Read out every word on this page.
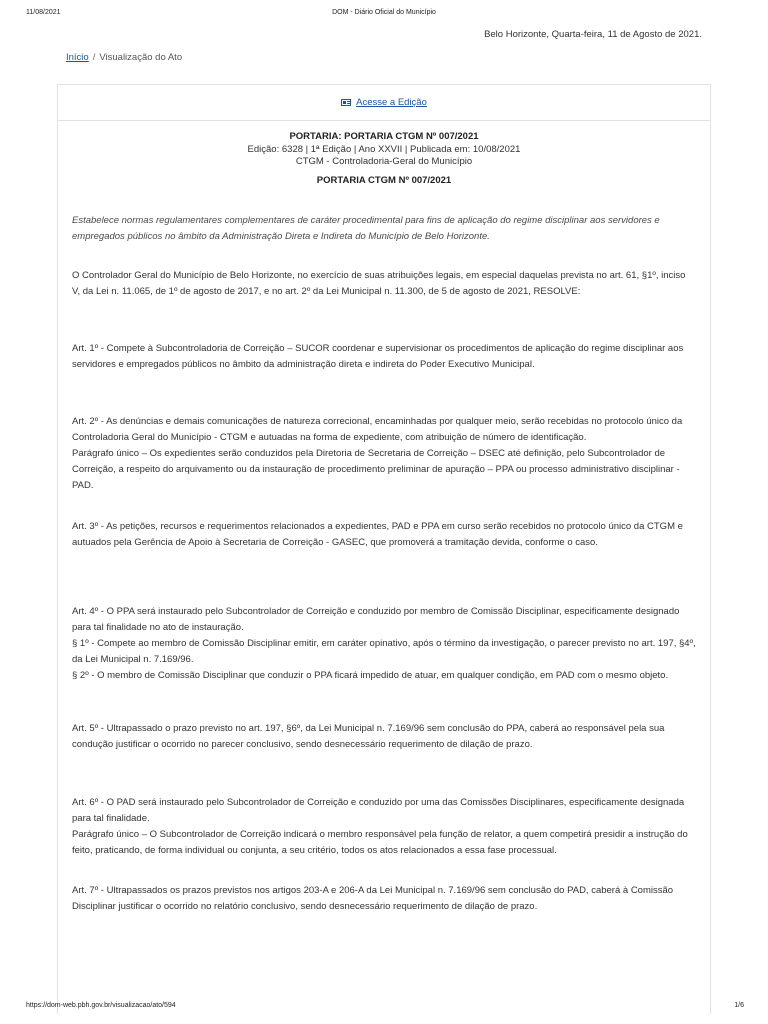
11/08/2021	DOM - Diário Oficial do Município
Belo Horizonte, Quarta-feira, 11 de Agosto de 2021.
Início / Visualização do Ato
Acesse a Edição
PORTARIA: PORTARIA CTGM Nº 007/2021
Edição: 6328 | 1ª Edição | Ano XXVII | Publicada em: 10/08/2021
CTGM - Controladoria-Geral do Município
PORTARIA CTGM Nº 007/2021
Estabelece normas regulamentares complementares de caráter procedimental para fins de aplicação do regime disciplinar aos servidores e empregados públicos no âmbito da Administração Direta e Indireta do Município de Belo Horizonte.
O Controlador Geral do Município de Belo Horizonte, no exercício de suas atribuições legais, em especial daquelas prevista no art. 61, §1º, inciso V, da Lei n. 11.065, de 1º de agosto de 2017, e no art. 2º da Lei Municipal n. 11.300, de 5 de agosto de 2021, RESOLVE:
Art. 1º - Compete à Subcontroladoria de Correição – SUCOR coordenar e supervisionar os procedimentos de aplicação do regime disciplinar aos servidores e empregados públicos no âmbito da administração direta e indireta do Poder Executivo Municipal.
Art. 2º - As denúncias e demais comunicações de natureza correcional, encaminhadas por qualquer meio, serão recebidas no protocolo único da Controladoria Geral do Município - CTGM e autuadas na forma de expediente, com atribuição de número de identificação.
Parágrafo único – Os expedientes serão conduzidos pela Diretoria de Secretaria de Correição – DSEC até definição, pelo Subcontrolador de Correição, a respeito do arquivamento ou da instauração de procedimento preliminar de apuração – PPA ou processo administrativo disciplinar - PAD.
Art. 3º - As petições, recursos e requerimentos relacionados a expedientes, PAD e PPA em curso serão recebidos no protocolo único da CTGM e autuados pela Gerência de Apoio à Secretaria de Correição - GASEC, que promoverá a tramitação devida, conforme o caso.
Art. 4º - O PPA será instaurado pelo Subcontrolador de Correição e conduzido por membro de Comissão Disciplinar, especificamente designado para tal finalidade no ato de instauração.
§ 1º - Compete ao membro de Comissão Disciplinar emitir, em caráter opinativo, após o término da investigação, o parecer previsto no art. 197, §4º, da Lei Municipal n. 7.169/96.
§ 2º - O membro de Comissão Disciplinar que conduzir o PPA ficará impedido de atuar, em qualquer condição, em PAD com o mesmo objeto.
Art. 5º - Ultrapassado o prazo previsto no art. 197, §6º, da Lei Municipal n. 7.169/96 sem conclusão do PPA, caberá ao responsável pela sua condução justificar o ocorrido no parecer conclusivo, sendo desnecessário requerimento de dilação de prazo.
Art. 6º - O PAD será instaurado pelo Subcontrolador de Correição e conduzido por uma das Comissões Disciplinares, especificamente designada para tal finalidade.
Parágrafo único – O Subcontrolador de Correição indicará o membro responsável pela função de relator, a quem competirá presidir a instrução do feito, praticando, de forma individual ou conjunta, a seu critério, todos os atos relacionados a essa fase processual.
Art. 7º - Ultrapassados os prazos previstos nos artigos 203-A e 206-A da Lei Municipal n. 7.169/96 sem conclusão do PAD, caberá à Comissão Disciplinar justificar o ocorrido no relatório conclusivo, sendo desnecessário requerimento de dilação de prazo.
https://dom-web.pbh.gov.br/visualizacao/ato/594	1/6
